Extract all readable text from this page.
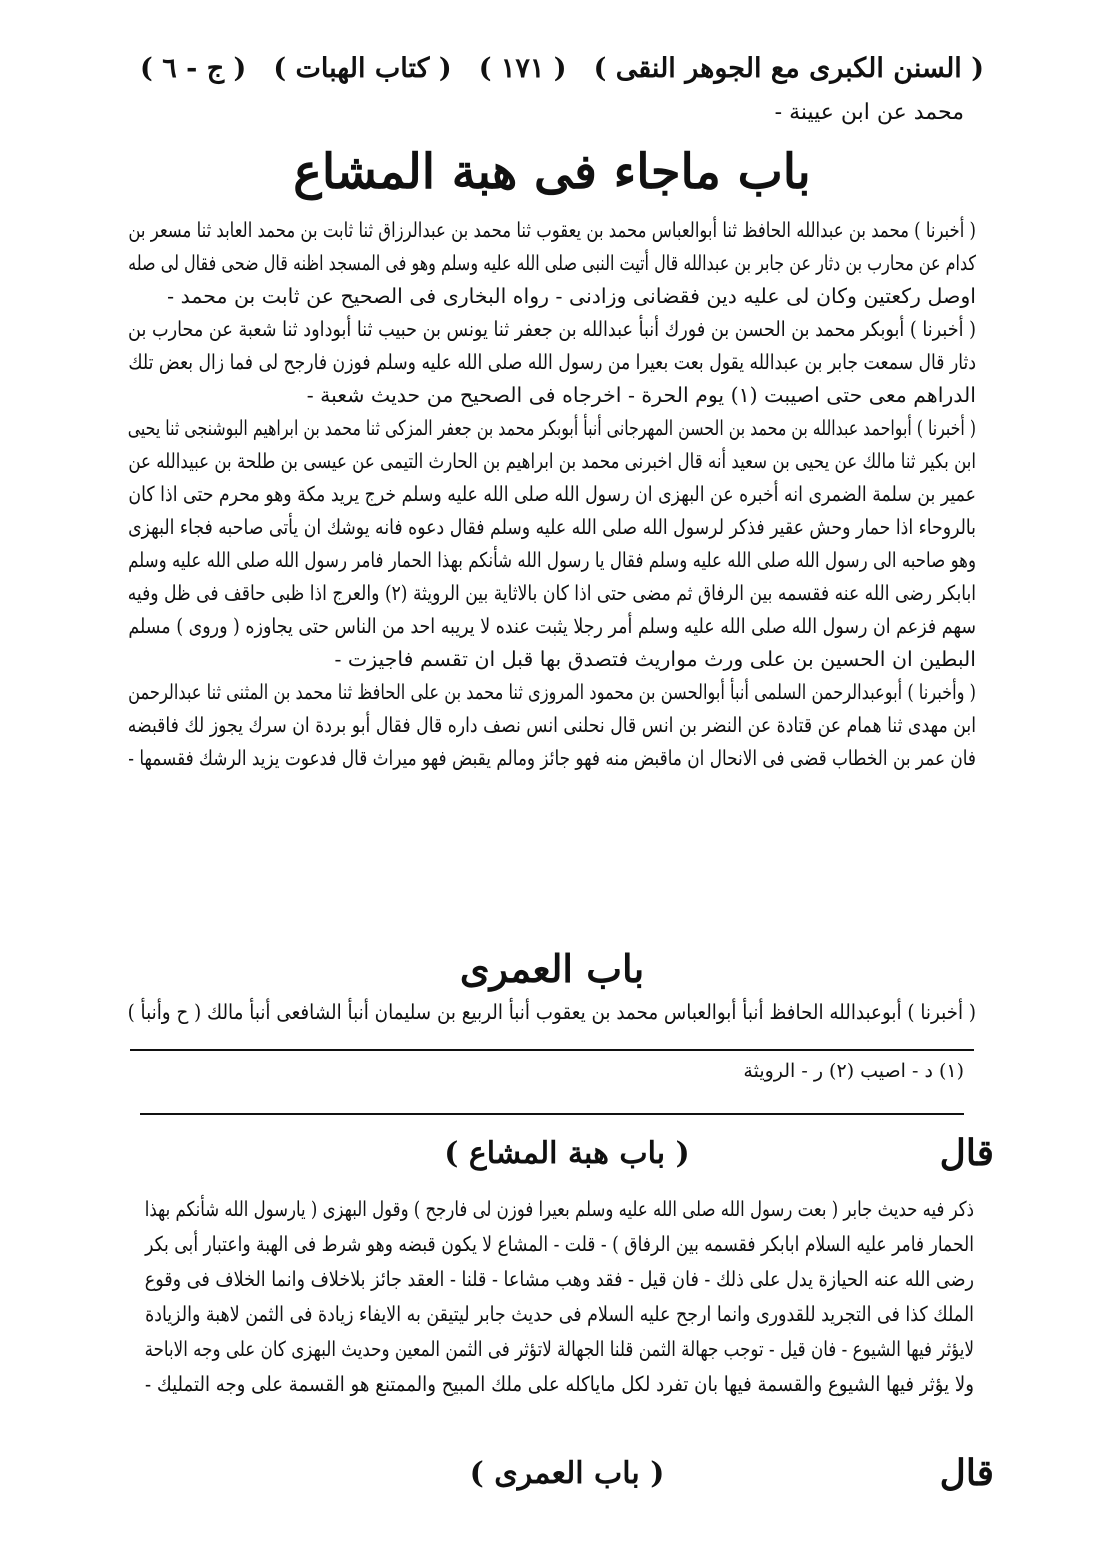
( السنن الكبرى مع الجوهر النقى )
( ١٧١ )
( كتاب الهبات )
( ج - ٦ )
محمد عن ابن عيينة -
باب ماجاء فى هبة المشاع

( أخبرنا ) محمد بن عبدالله الحافظ ثنا أبوالعباس محمد بن يعقوب ثنا محمد بن عبدالرزاق ثنا ثابت بن محمد العابد ثنا مسعر بن

كدام عن محارب بن دثار عن جابر بن عبدالله قال أتيت النبى صلى الله عليه وسلم وهو فى المسجد اظنه قال ضحى فقال لى صله

اوصل ركعتين وكان لى عليه دين فقضانى وزادنى - رواه البخارى فى الصحيح عن ثابت بن محمد -

( أخبرنا ) أبوبكر محمد بن الحسن بن فورك أنبأ عبدالله بن جعفر ثنا يونس بن حبيب ثنا أبوداود ثنا شعبة عن محارب بن

دثار قال سمعت جابر بن عبدالله يقول بعت بعيرا من رسول الله صلى الله عليه وسلم فوزن فارجح لى فما زال بعض تلك

الدراهم معى حتى اصيبت (١) يوم الحرة - اخرجاه فى الصحيح من حديث شعبة -

( أخبرنا ) أبواحمد عبدالله بن محمد بن الحسن المهرجانى أنبأ أبوبكر محمد بن جعفر المزكى ثنا محمد بن ابراهيم البوشنجى ثنا يحيى

ابن بكير ثنا مالك عن يحيى بن سعيد أنه قال اخبرنى محمد بن ابراهيم بن الحارث التيمى عن عيسى بن طلحة بن عبيدالله عن

عمير بن سلمة الضمرى انه أخبره عن البهزى ان رسول الله صلى الله عليه وسلم خرج يريد مكة وهو محرم حتى اذا كان

بالروحاء اذا حمار وحش عقير فذكر لرسول الله صلى الله عليه وسلم فقال دعوه فانه يوشك ان يأتى صاحبه فجاء البهزى

وهو صاحبه الى رسول الله صلى الله عليه وسلم فقال يا رسول الله شأنكم بهذا الحمار فامر رسول الله صلى الله عليه وسلم

ابابكر رضى الله عنه فقسمه بين الرفاق ثم مضى حتى اذا كان بالاثاية بين الرويثة (٢) والعرج اذا ظبى حاقف فى ظل وفيه

سهم فزعم ان رسول الله صلى الله عليه وسلم أمر رجلا يثبت عنده لا يريبه احد من الناس حتى يجاوزه ( وروى ) مسلم

البطين ان الحسين بن على ورث مواريث فتصدق بها قبل ان تقسم فاجيزت -

( وأخبرنا ) أبوعبدالرحمن السلمى أنبأ أبوالحسن بن محمود المروزى ثنا محمد بن على الحافظ ثنا محمد بن المثنى ثنا عبدالرحمن

ابن مهدى ثنا همام عن قتادة عن النضر بن انس قال نحلنى انس نصف داره قال فقال أبو بردة ان سرك يجوز لك فاقبضه

فان عمر بن الخطاب قضى فى الانحال ان ماقبض منه فهو جائز ومالم يقبض فهو ميراث قال فدعوت يزيد الرشك فقسمها -

باب العمرى

( أخبرنا ) أبوعبدالله الحافظ أنبأ أبوالعباس محمد بن يعقوب أنبأ الربيع بن سليمان أنبأ الشافعى أنبأ مالك ( ح وأنبأ )

(١) د - اصيب (٢) ر - الرويثة
قال
( باب هبة المشاع )

ذكر فيه حديث جابر ( بعت رسول الله صلى الله عليه وسلم بعيرا فوزن لى فارجح ) وقول البهزى ( يارسول الله شأنكم بهذا

الحمار فامر عليه السلام ابابكر فقسمه بين الرفاق ) - قلت - المشاع لا يكون قبضه وهو شرط فى الهبة واعتبار أبى بكر

رضى الله عنه الحيازة يدل على ذلك - فان قيل - فقد وهب مشاعا - قلنا - العقد جائز بلاخلاف وانما الخلاف فى وقوع

الملك كذا فى التجريد للقدورى وانما ارجح عليه السلام فى حديث جابر ليتيقن به الايفاء زيادة فى الثمن لاهبة والزيادة

لايؤثر فيها الشيوع - فان قيل - توجب جهالة الثمن قلنا الجهالة لاتؤثر فى الثمن المعين وحديث البهزى كان على وجه الاباحة

ولا يؤثر فيها الشيوع والقسمة فيها بان تفرد لكل ماياكله على ملك المبيح والممتنع هو القسمة على وجه التمليك -

قال
( باب العمرى )
